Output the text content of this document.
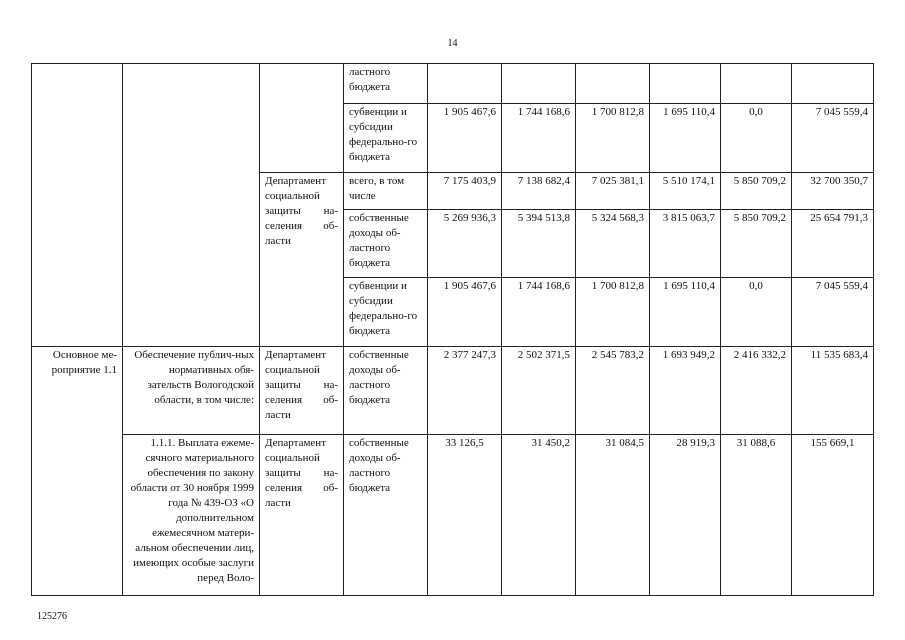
14
			ластного бюджета						
			субвенции и субсидии федерально-го бюджета	1 905 467,6	1 744 168,6	1 700 812,8	1 695 110,4	0,0	7 045 559,4
		Департамент социальной защиты на-селения об-ласти	всего, в том числе	7 175 403,9	7 138 682,4	7 025 381,1	5 510 174,1	5 850 709,2	32 700 350,7
			собственные доходы об-ластного бюджета	5 269 936,3	5 394 513,8	5 324 568,3	3 815 063,7	5 850 709,2	25 654 791,3
			субвенции и субсидии федерально-го бюджета	1 905 467,6	1 744 168,6	1 700 812,8	1 695 110,4	0,0	7 045 559,4
Основное ме-роприятие 1.1	Обеспечение публич-ных нормативных обя-зательств Вологодской области, в том числе:	Департамент социальной защиты на-селения об-ласти	собственные доходы об-ластного бюджета	2 377 247,3	2 502 371,5	2 545 783,2	1 693 949,2	2 416 332,2	11 535 683,4
	1.1.1. Выплата ежеме-сячного материального обеспечения по закону области от 30 ноября 1999 года № 439-ОЗ «О дополнительном ежемесячном матери-альном обеспечении лиц, имеющих особые заслуги перед Воло-	Департамент социальной защиты на-селения об-ласти	собственные доходы об-ластного бюджета	33 126,5	31 450,2	31 084,5	28 919,3	31 088,6	155 669,1
125276
